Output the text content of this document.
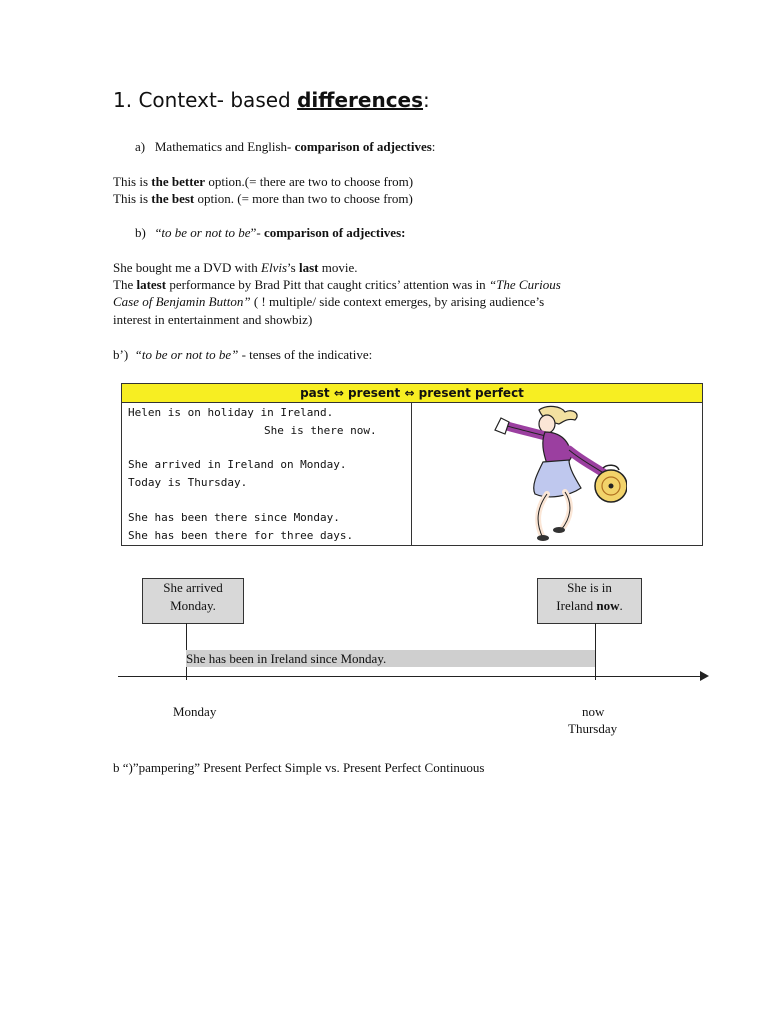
1. Context- based differences:
a) Mathematics and English- comparison of adjectives:
This is the better option.(= there are two to choose from)
This is the best option. (= more than two to choose from)
b) “to be or not to be”- comparison of adjectives:
She bought me a DVD with Elvis’s last movie.
The latest performance by Brad Pitt that caught critics’ attention was in “The Curious
Case of Benjamin Button” ( ! multiple/ side context emerges, by arising audience’s
interest in entertainment and showbiz)
b’) “to be or not to be” - tenses of the indicative:
past ⇔ present ⇔ present perfect
Helen is on holiday in Ireland.
She is there now.
She arrived in Ireland on Monday.
Today is Thursday.
She has been there since Monday.
She has been there for three days.
She arrived
Monday.
She is in
Ireland now.
She has been in Ireland since Monday.
Monday	now
Thursday
b “)”pampering” Present Perfect Simple vs. Present Perfect Continuous
